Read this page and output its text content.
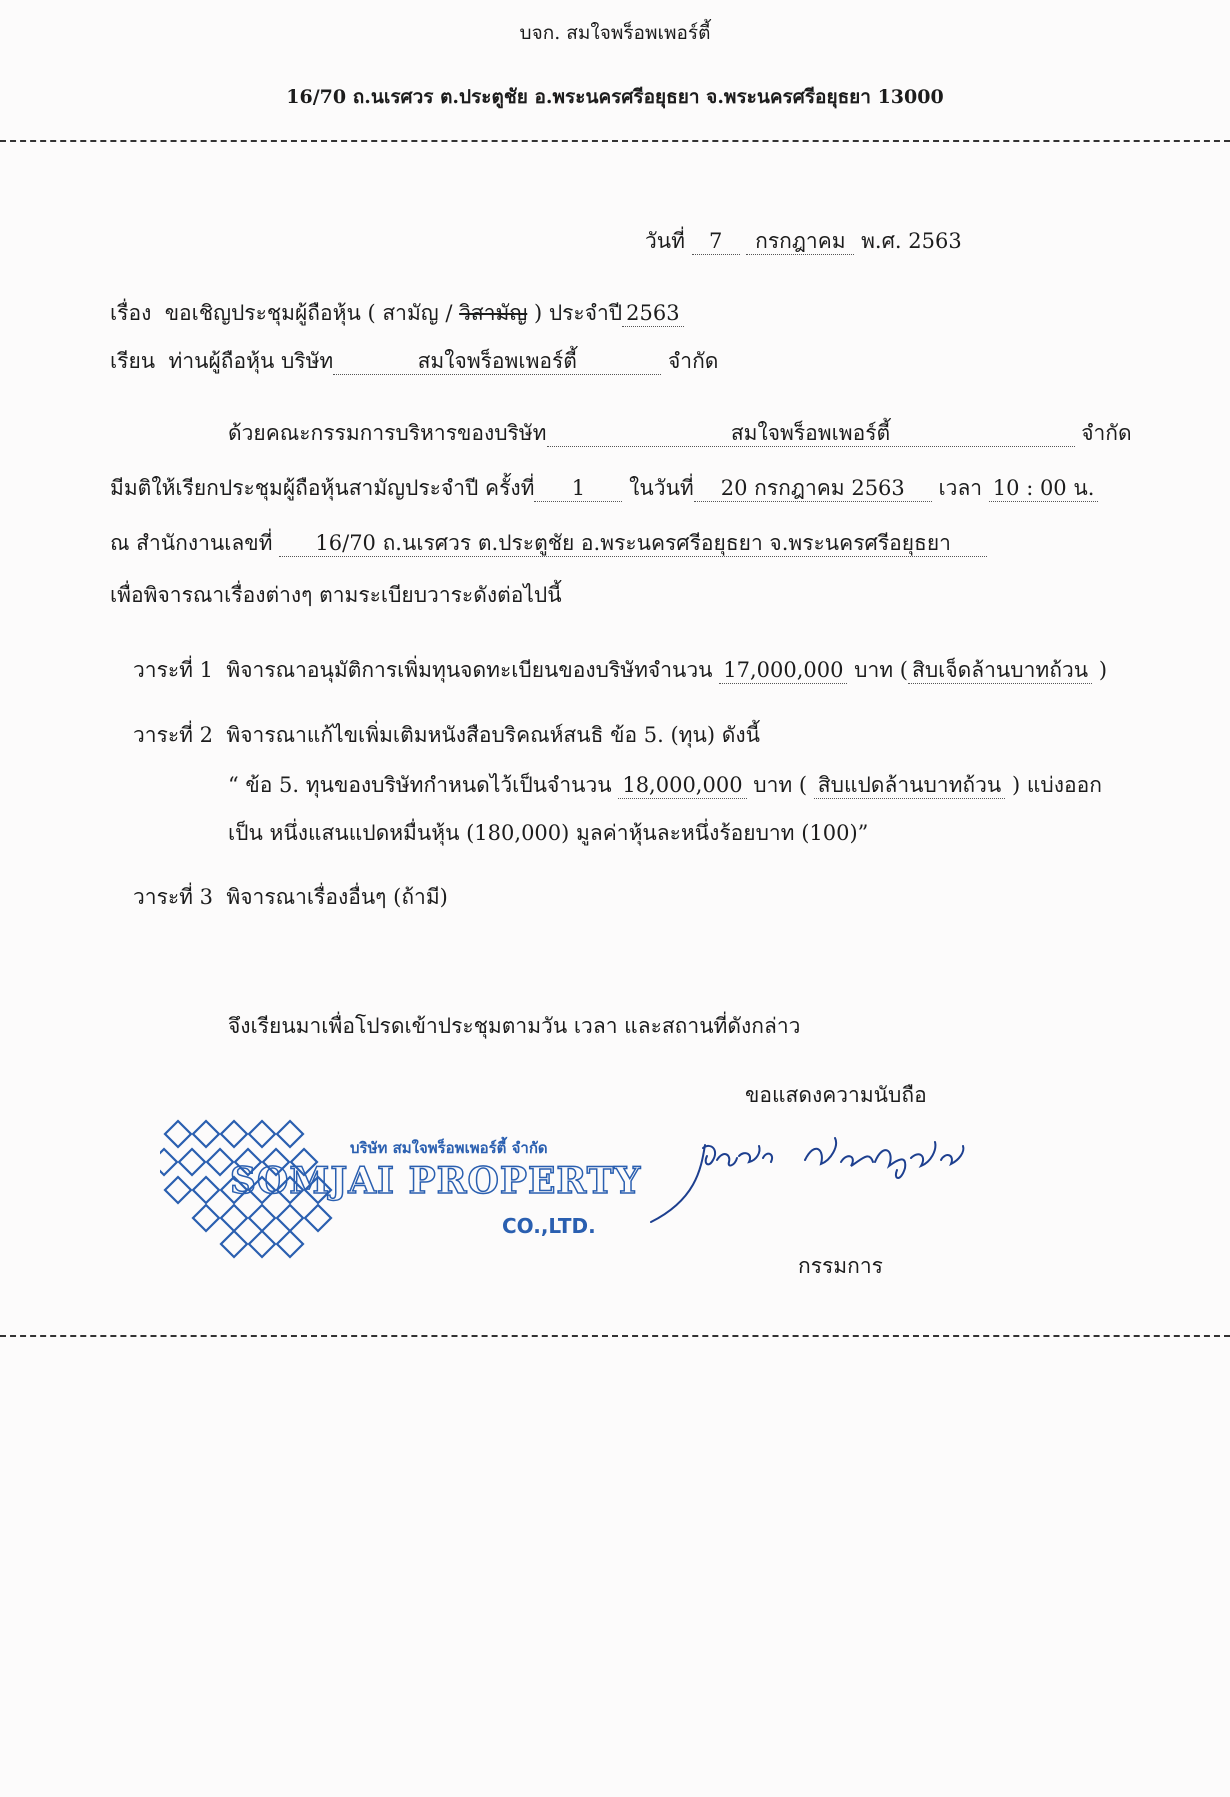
บจก. สมใจพร็อพเพอร์ตี้
16/70 ถ.นเรศวร ต.ประตูชัย อ.พระนครศรีอยุธยา จ.พระนครศรีอยุธยา 13000
วันที่ 7 กรกฎาคม พ.ศ. 2563
เรื่อง ขอเชิญประชุมผู้ถือหุ้น ( สามัญ / วิสามัญ ) ประจำปี 2563
เรียน ท่านผู้ถือหุ้น บริษัท	สมใจพร็อพเพอร์ตี้	จำกัด
ด้วยคณะกรรมการบริหารของบริษัท	สมใจพร็อพเพอร์ตี้	จำกัด
มีมติให้เรียกประชุมผู้ถือหุ้นสามัญประจำปี ครั้งที่ 1 ในวันที่ 20 กรกฎาคม 2563 เวลา 10 : 00 น.
ณ สำนักงานเลขที่ 16/70 ถ.นเรศวร ต.ประตูชัย อ.พระนครศรีอยุธยา จ.พระนครศรีอยุธยา
เพื่อพิจารณาเรื่องต่างๆ ตามระเบียบวาระดังต่อไปนี้
วาระที่ 1 พิจารณาอนุมัติการเพิ่มทุนจดทะเบียนของบริษัทจำนวน 17,000,000 บาท ( สิบเจ็ดล้านบาทถ้วน )
วาระที่ 2 พิจารณาแก้ไขเพิ่มเติมหนังสือบริคณห์สนธิ ข้อ 5. (ทุน) ดังนี้
“ ข้อ 5. ทุนของบริษัทกำหนดไว้เป็นจำนวน 18,000,000 บาท ( สิบแปดล้านบาทถ้วน ) แบ่งออก
เป็น หนึ่งแสนแปดหมื่นหุ้น (180,000) มูลค่าหุ้นละหนึ่งร้อยบาท (100)”
วาระที่ 3 พิจารณาเรื่องอื่นๆ (ถ้ามี)
จึงเรียนมาเพื่อโปรดเข้าประชุมตามวัน เวลา และสถานที่ดังกล่าว
ขอแสดงความนับถือ
บริษัท สมใจพร็อพเพอร์ตี้ จำกัด
SOMJAI PROPERTY
CO.,LTD.
กรรมการ
